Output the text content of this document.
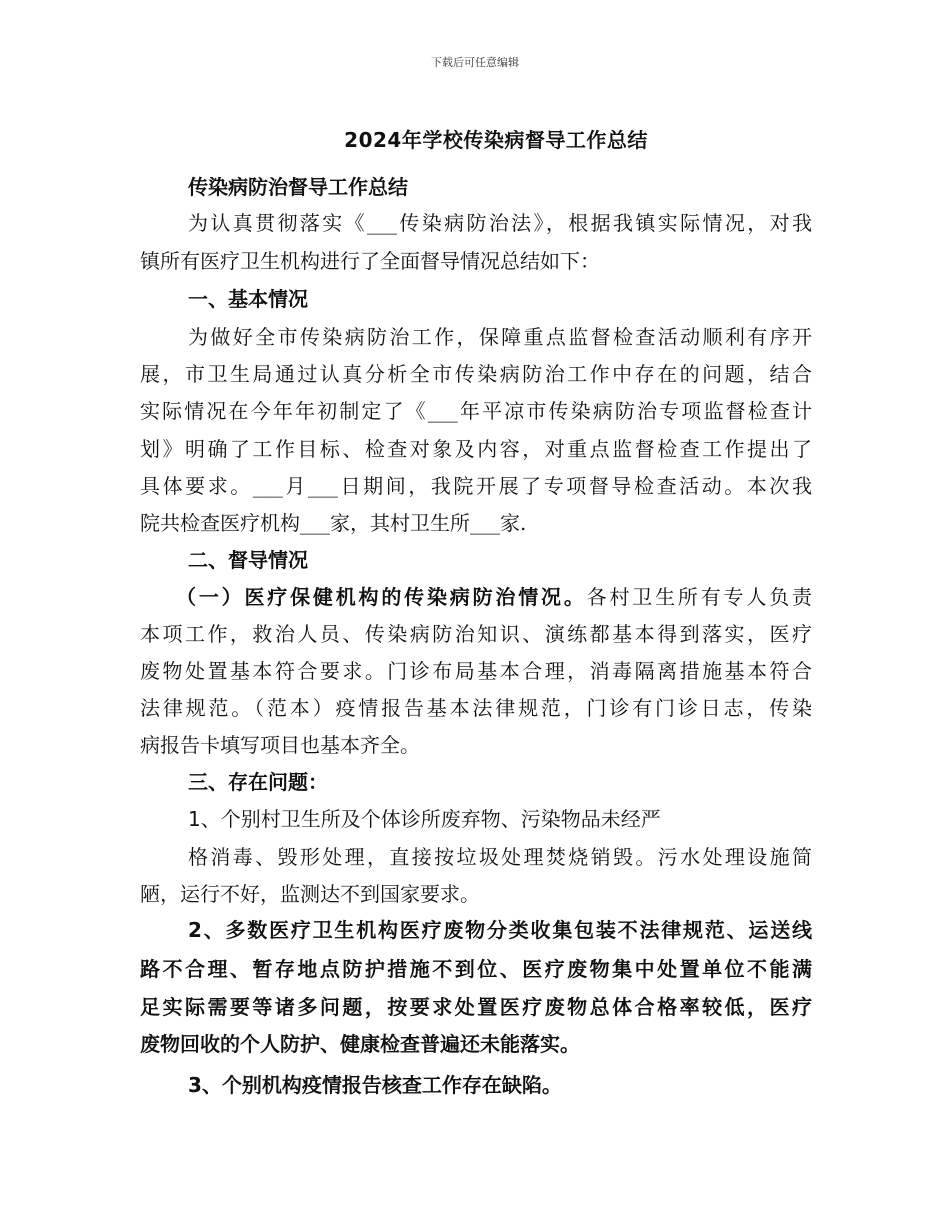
下载后可任意编辑
2024年学校传染病督导工作总结
传染病防治督导工作总结
为认真贯彻落实《___传染病防治法》，根据我镇实际情况，对我
镇所有医疗卫生机构进行了全面督导情况总结如下：
一、基本情况
为做好全市传染病防治工作，保障重点监督检查活动顺利有序开
展，市卫生局通过认真分析全市传染病防治工作中存在的问题，结合
实际情况在今年年初制定了《___年平凉市传染病防治专项监督检查计
划》明确了工作目标、检查对象及内容，对重点监督检查工作提出了
具体要求。___月___日期间，我院开展了专项督导检查活动。本次我
院共检查医疗机构___家，其村卫生所___家.
二、督导情况
（一）医疗保健机构的传染病防治情况。各村卫生所有专人负责
本项工作，救治人员、传染病防治知识、演练都基本得到落实，医疗
废物处置基本符合要求。门诊布局基本合理，消毒隔离措施基本符合
法律规范。（范本）疫情报告基本法律规范，门诊有门诊日志，传染
病报告卡填写项目也基本齐全。
三、存在问题：
1、个别村卫生所及个体诊所废弃物、污染物品未经严
格消毒、毁形处理，直接按垃圾处理焚烧销毁。污水处理设施简
陋，运行不好，监测达不到国家要求。
2、多数医疗卫生机构医疗废物分类收集包装不法律规范、运送线
路不合理、暂存地点防护措施不到位、医疗废物集中处置单位不能满
足实际需要等诸多问题，按要求处置医疗废物总体合格率较低，医疗
废物回收的个人防护、健康检查普遍还未能落实。
3、个别机构疫情报告核查工作存在缺陷。
